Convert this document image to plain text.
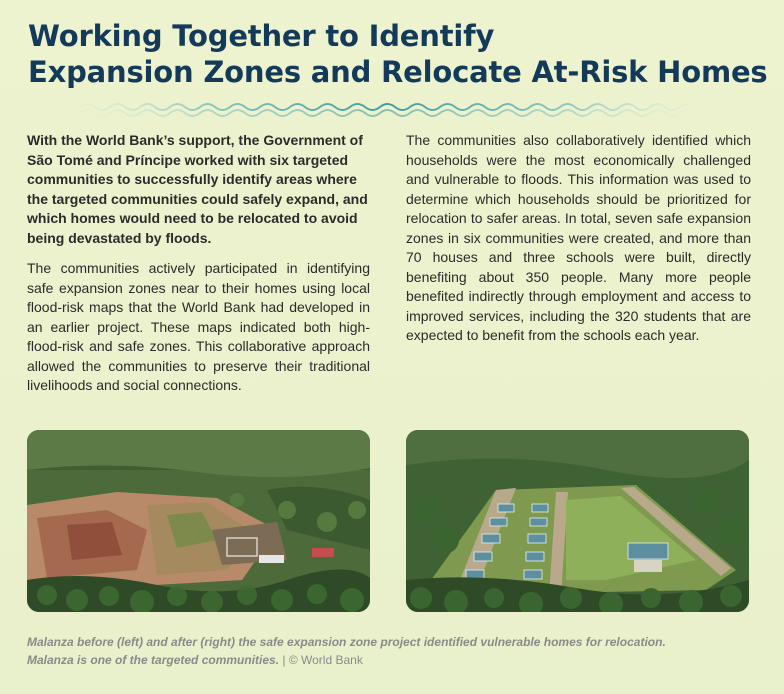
Working Together to Identify
Expansion Zones and Relocate At-Risk Homes

With the World Bank’s support, the Government of São Tomé and Príncipe worked with six targeted communities to successfully identify areas where the targeted communities could safely expand, and which homes would need to be relocated to avoid being devastated by floods.

The communities actively participated in identifying safe expansion zones near to their homes using local flood-risk maps that the World Bank had developed in an earlier project. These maps indicated both high-flood-risk and safe zones. This collaborative approach allowed the communities to preserve their traditional livelihoods and social connections.

The communities also collaboratively identified which households were the most economically challenged and vulnerable to floods. This information was used to determine which households should be prioritized for relocation to safer areas. In total, seven safe expansion zones in six communities were created, and more than 70 houses and three schools were built, directly benefiting about 350 people. Many more people benefited indirectly through employment and access to improved services, including the 320 students that are expected to benefit from the schools each year.

Malanza before (left) and after (right) the safe expansion zone project identified vulnerable homes for relocation.
Malanza is one of the targeted communities. | © World Bank
